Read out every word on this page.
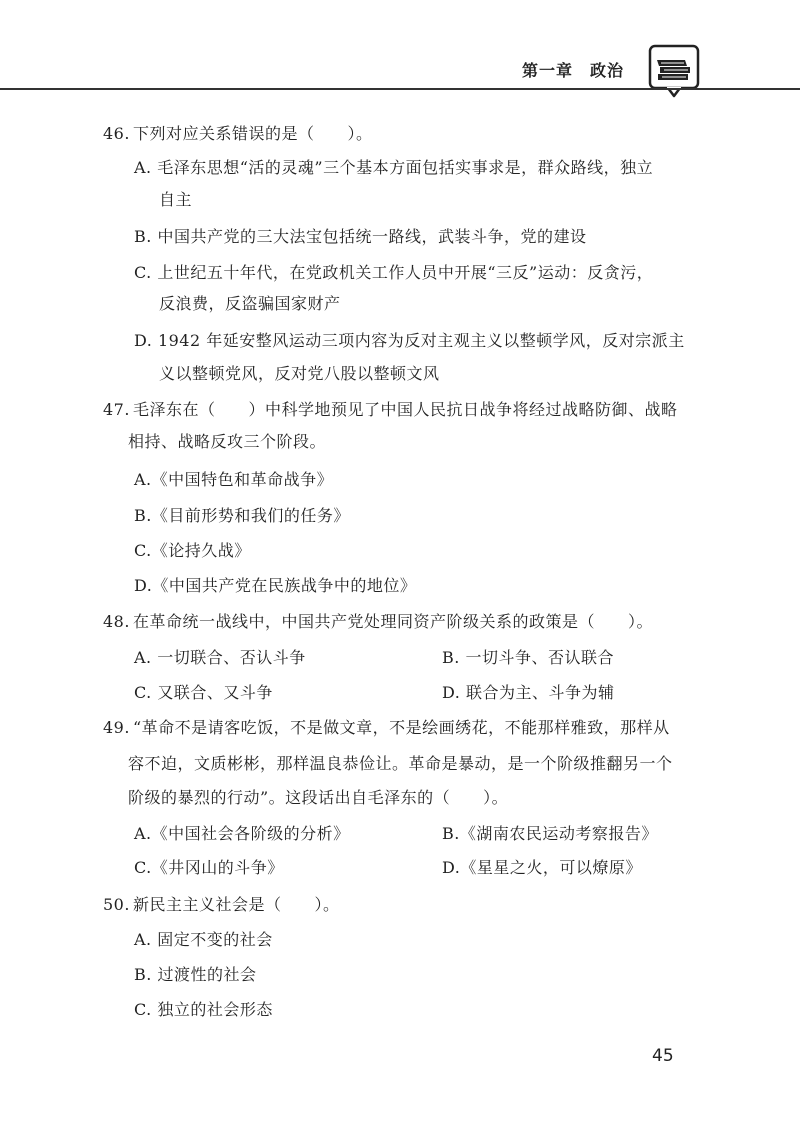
第一章　政治
46. 下列对应关系错误的是（　　）。
A. 毛泽东思想“活的灵魂”三个基本方面包括实事求是，群众路线，独立
自主
B. 中国共产党的三大法宝包括统一路线，武装斗争，党的建设
C. 上世纪五十年代，在党政机关工作人员中开展“三反”运动：反贪污，
反浪费，反盗骗国家财产
D. 1942 年延安整风运动三项内容为反对主观主义以整顿学风，反对宗派主
义以整顿党风，反对党八股以整顿文风
47. 毛泽东在（　　）中科学地预见了中国人民抗日战争将经过战略防御、战略
相持、战略反攻三个阶段。
A.《中国特色和革命战争》
B.《目前形势和我们的任务》
C.《论持久战》
D.《中国共产党在民族战争中的地位》
48. 在革命统一战线中，中国共产党处理同资产阶级关系的政策是（　　）。
A. 一切联合、否认斗争	B. 一切斗争、否认联合
C. 又联合、又斗争	D. 联合为主、斗争为辅
49. “革命不是请客吃饭，不是做文章，不是绘画绣花，不能那样雅致，那样从
容不迫，文质彬彬，那样温良恭俭让。革命是暴动，是一个阶级推翻另一个
阶级的暴烈的行动”。这段话出自毛泽东的（　　）。
A.《中国社会各阶级的分析》	B.《湖南农民运动考察报告》
C.《井冈山的斗争》	D.《星星之火，可以燎原》
50. 新民主主义社会是（　　）。
A. 固定不变的社会
B. 过渡性的社会
C. 独立的社会形态
45
